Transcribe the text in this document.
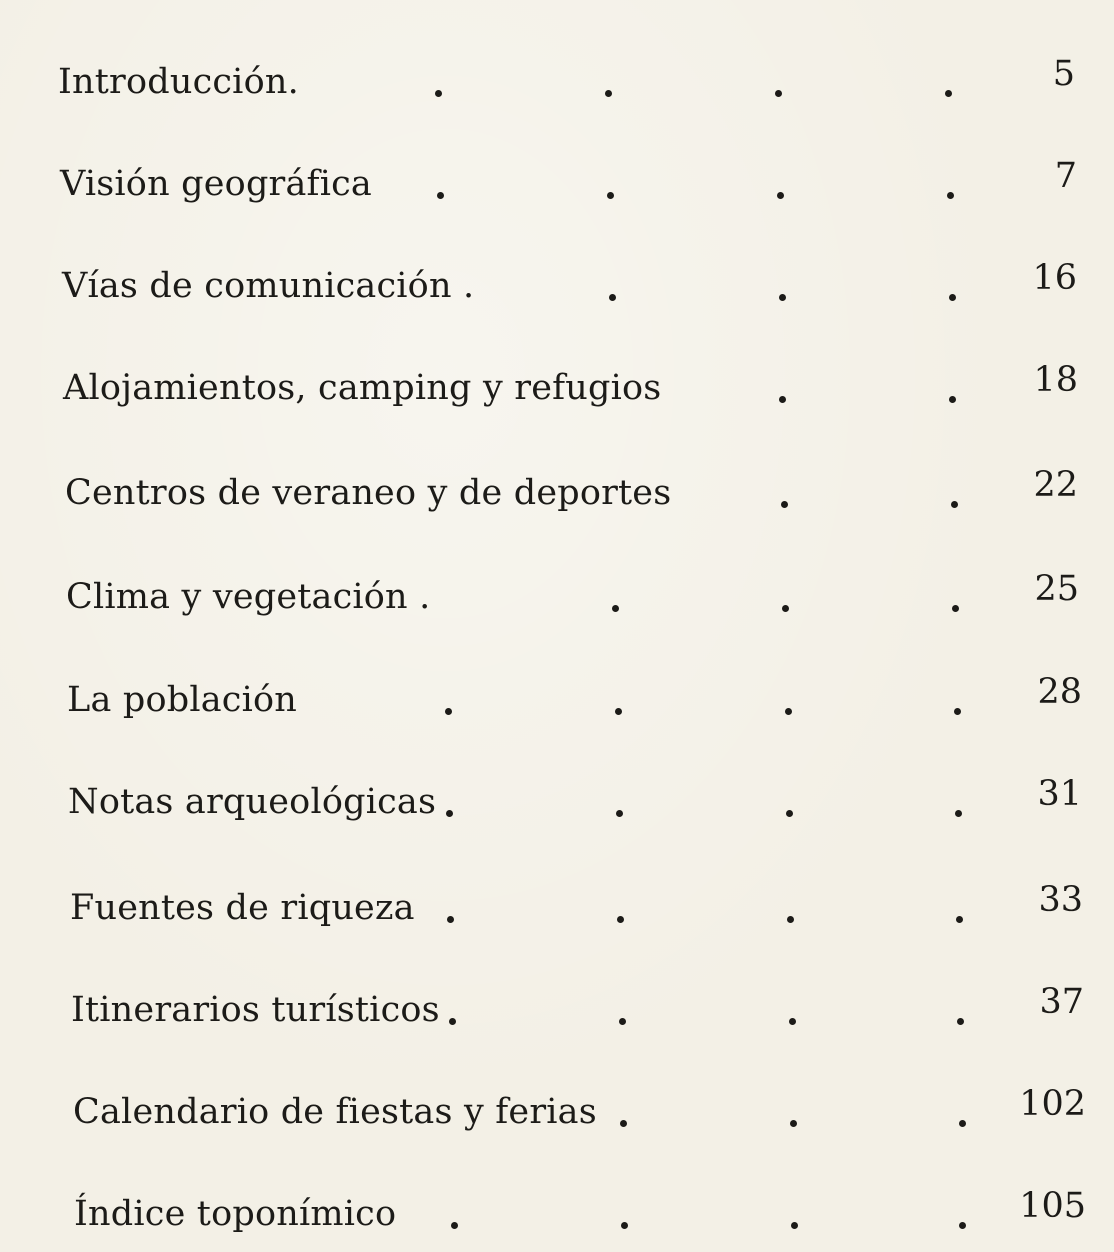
Introducción.	5
Visión geográfica	7
Vías de comunicación .	16
Alojamientos, camping y refugios	18
Centros de veraneo y de deportes	22
Clima y vegetación .	25
La población	28
Notas arqueológicas	31
Fuentes de riqueza	33
Itinerarios turísticos	37
Calendario de fiestas y ferias	102
Índice toponímico	105
